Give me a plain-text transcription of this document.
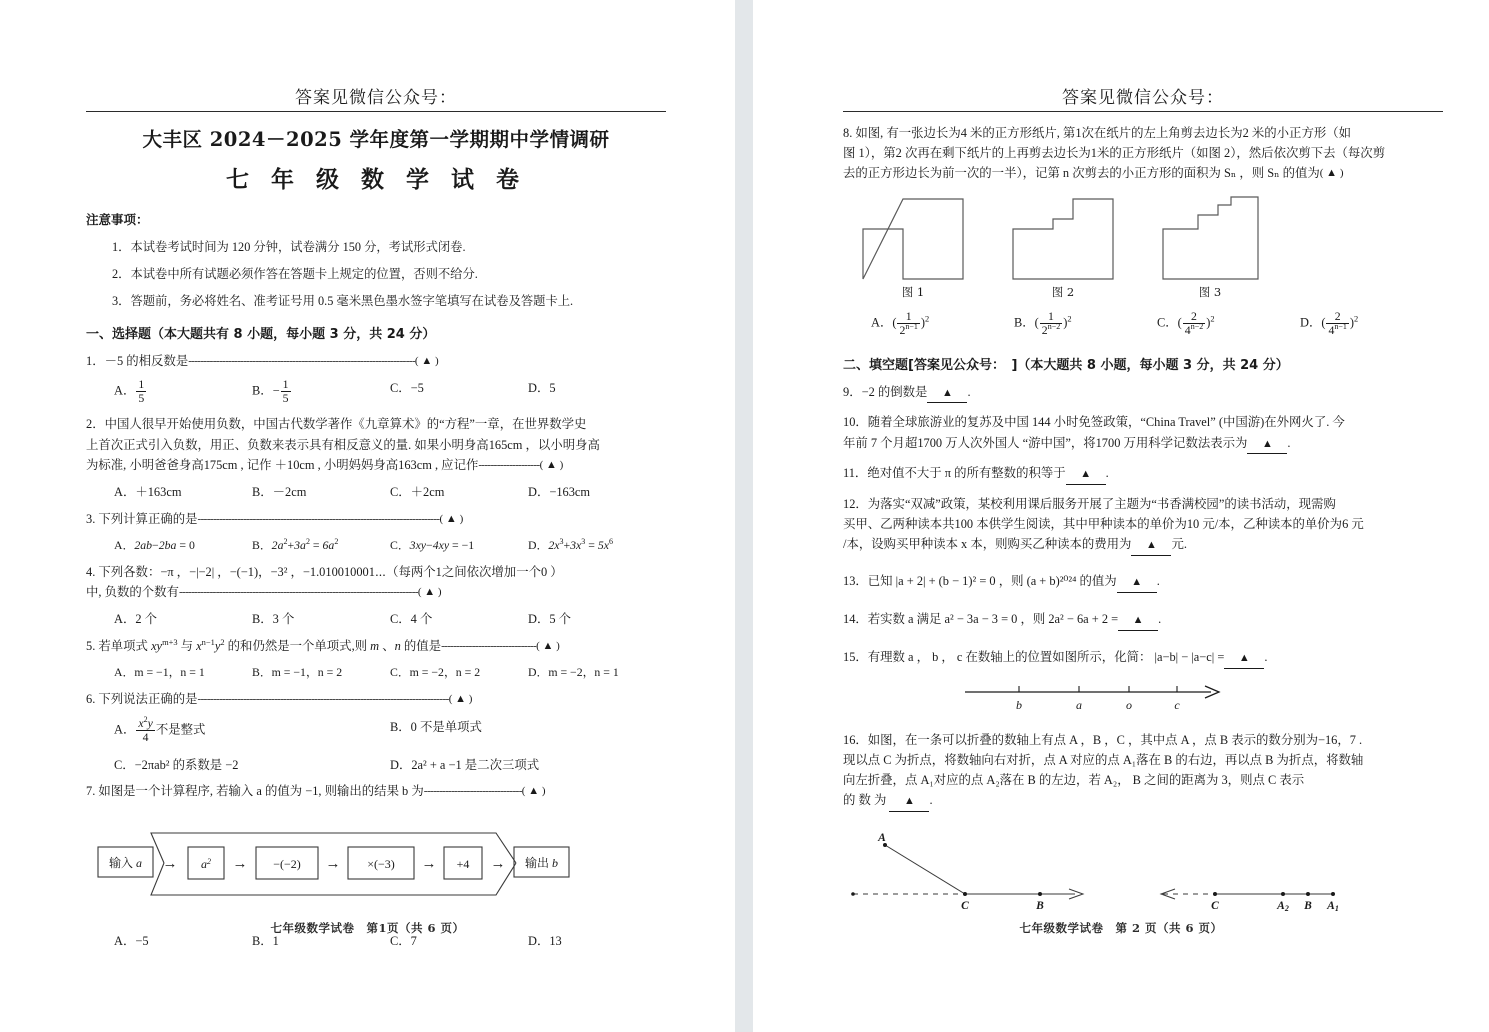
答案见微信公众号：
大丰区 2024－2025 学年度第一学期期中学情调研
七 年 级 数 学 试 卷
注意事项：
1．本试卷考试时间为 120 分钟，试卷满分 150 分，考试形式闭卷.
2．本试卷中所有试题必须作答在答题卡上规定的位置，否则不给分.
3．答题前，务必将姓名、准考证号用 0.5 毫米黑色墨水签字笔填写在试卷及答题卡上.
一、选择题（本大题共有 8 小题，每小题 3 分，共 24 分）
1．－5 的相反数是--------------------------------------------------------------------------( ▲ )
A． $\frac{1}{5}$	B．− $\frac{1}{5}$	C．−5	D．5
2．中国人很早开始使用负数，中国古代数学著作《九章算术》的“方程”一章，在世界数学史
上首次正式引入负数，用正、负数来表示具有相反意义的量. 如果小明身高165cm ，以小明身高
为标准, 小明爸爸身高175cm , 记作 ＋10cm , 小明妈妈身高163cm , 应记作--------------------( ▲ )
A．＋163cm	B．－2cm	C．＋2cm	D．−163cm
3. 下列计算正确的是-------------------------------------------------------------------------------( ▲ )
A．2ab−2ba = 0	B．$2a^2+3a^2 = 6a^2$	C．3xy−4xy = −1	D．$2x^3+3x^3 = 5x^6$
4. 下列各数：−π ，−|−2| ，−(−1)，−3² ，−1.010010001⋯（每两个1之间依次增加一个0 ）
中, 负数的个数有------------------------------------------------------------------------------( ▲ )
A．2 个	B．3 个	C．4 个	D．5 个
5. 若单项式 $xy^{m+3}$ 与 $x^{n-1}y^2$ 的和仍然是一个单项式,则 m 、n 的值是-------------------------------( ▲ )
A．m = −1，n = 1	B．m = −1，n = 2	C．m = −2，n = 2	D．m = −2，n = 1
6. 下列说法正确的是----------------------------------------------------------------------------------( ▲ )
A． $\frac{x^2y}{4}$ 不是整式	B．0 不是单项式
C．−2πab² 的系数是 −2	D．2a² + a −1 是二次三项式
7. 如图是一个计算程序, 若输入 a 的值为 −1, 则输出的结果 b 为--------------------------------( ▲ )
输入 a	$a^2$	−(−2)	×(−3)	+4	输出 b
→	→	→	→	→
A．−5	B．1	C．7	D．13
七年级数学试卷　第1页（共 6 页）
答案见微信公众号：
8. 如图, 有一张边长为4 米的正方形纸片, 第1次在纸片的左上角剪去边长为2 米的小正方形（如
图 1），第2 次再在剩下纸片的上再剪去边长为1米的正方形纸片（如图 2），然后依次剪下去（每次剪
去的正方形边长为前一次的一半），记第 n 次剪去的小正方形的面积为 Sₙ ，则 Sₙ 的值为( ▲ )
图 1	图 2	图 3
A．( $\frac{1}{2^{n-1}} )^2$	B．( $\frac{1}{2^{n-2}} )^2$	C．( $\frac{2}{4^{n-2}} )^2$	D．( $\frac{2}{4^{n-1}} )^2$
二、填空题[答案见公众号：　]（本大题共 8 小题，每小题 3 分，共 24 分）
9．−2 的倒数是 ▲ .
10．随着全球旅游业的复苏及中国 144 小时免签政策，“China Travel” (中国游)在外网火了. 今
年前 7 个月超1700 万人次外国人 “游中国”，将1700 万用科学记数法表示为 ▲ .
11．绝对值不大于 π 的所有整数的积等于 ▲ .
12．为落实“双减”政策，某校利用课后服务开展了主题为“书香满校园”的读书活动，现需购
买甲、乙两种读本共100 本供学生阅读，其中甲种读本的单价为10 元/本，乙种读本的单价为6 元
/本，设购买甲种读本 x 本，则购买乙种读本的费用为 ▲ 元.
13．已知 |a + 2| + (b − 1)² = 0 ，则 (a + b)²⁰²⁴ 的值为 ▲ .
14．若实数 a 满足 a² − 3a − 3 = 0 ，则 2a² − 6a + 2 = ▲ .
15．有理数 a ， b ， c 在数轴上的位置如图所示，化简： |a−b| − |a−c| = ▲ .
b	a	o	c
16．如图，在一条可以折叠的数轴上有点 A ，B ，C ，其中点 A ，点 B 表示的数分别为−16，7 .
现以点 C 为折点，将数轴向右对折，点 A 对应的点 A₁落在 B 的右边，再以点 B 为折点，将数轴
向左折叠，点 A₁对应的点 A₂落在 B 的左边，若 A₂， B 之间的距离为 3，则点 C 表示
的 数 为 ▲ .
A
C	B	C	A2 B A1
七年级数学试卷　第 2 页（共 6 页）
